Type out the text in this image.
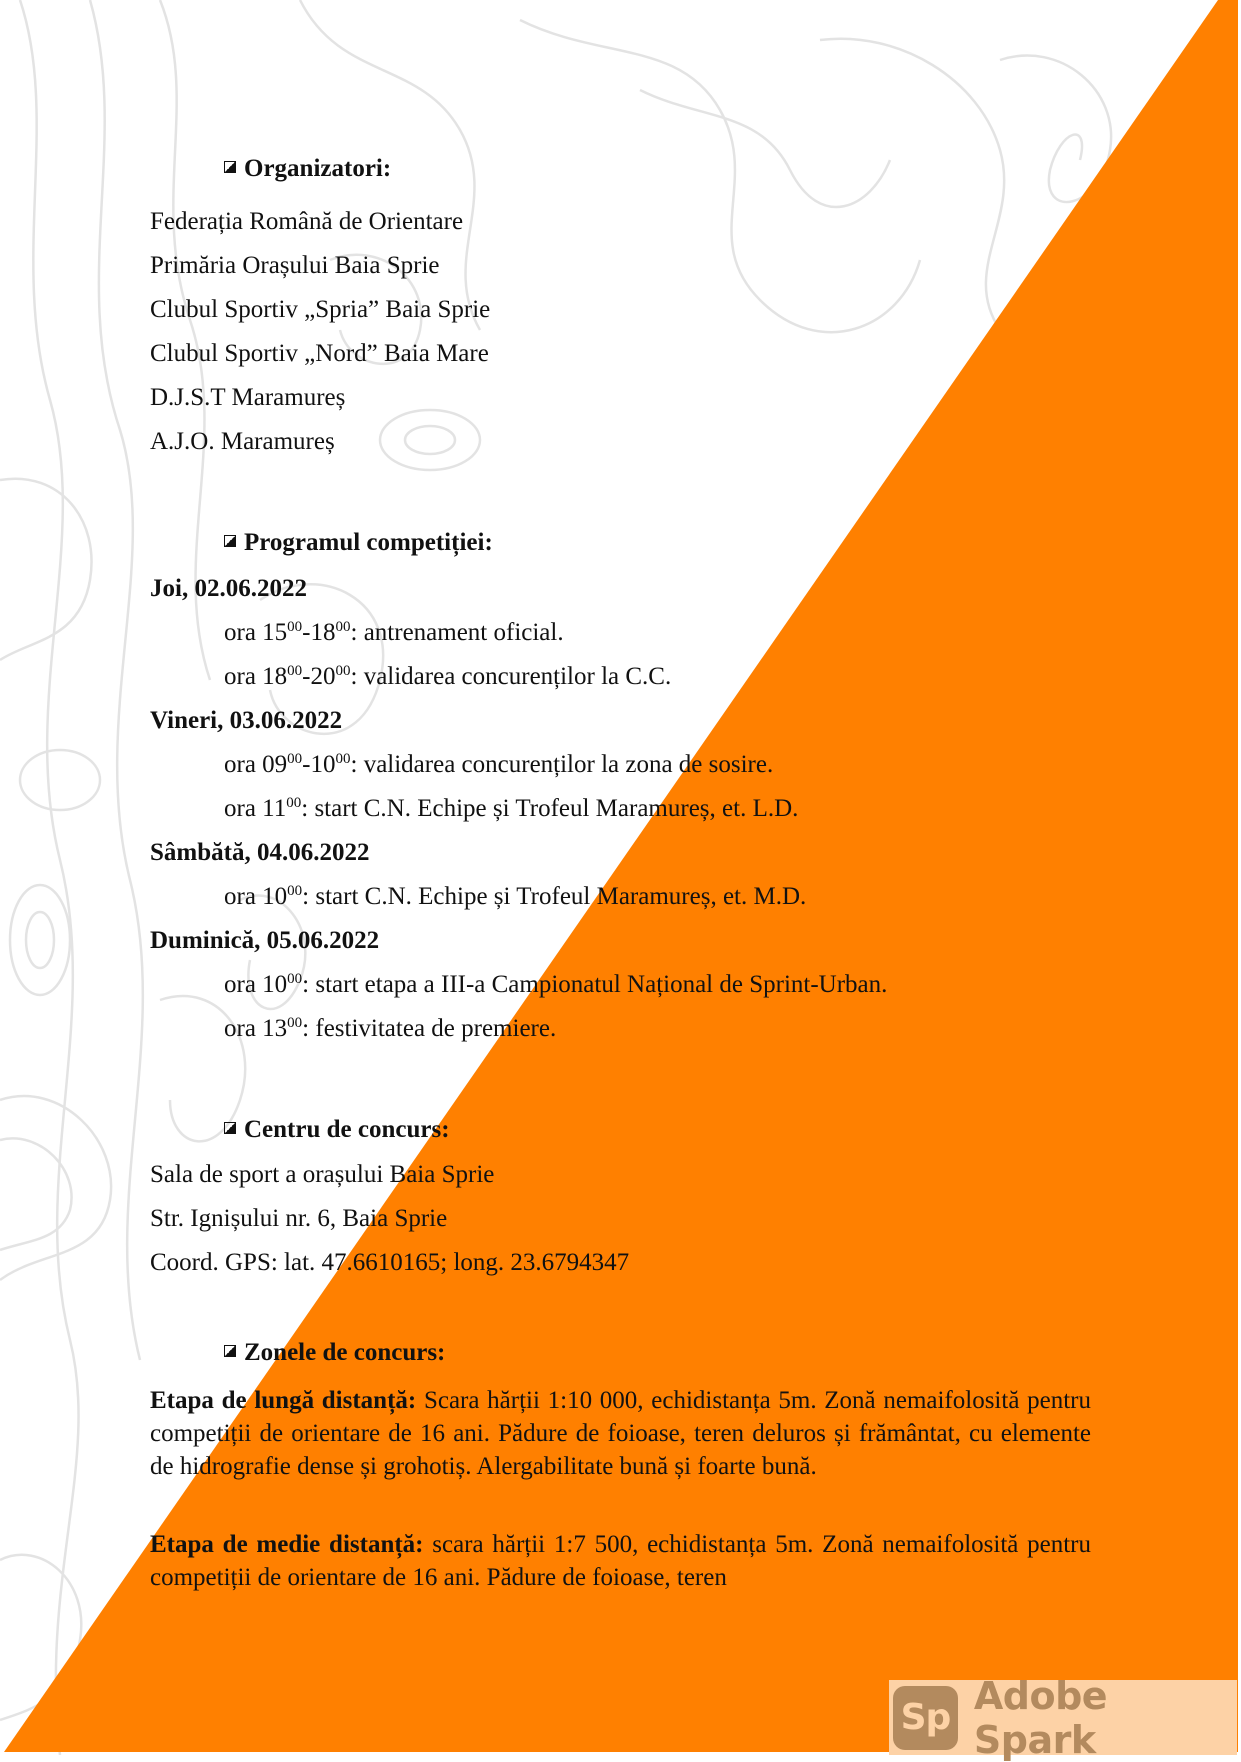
Organizatori:
Federația Română de Orientare
Primăria Orașului Baia Sprie
Clubul Sportiv „Spria” Baia Sprie
Clubul Sportiv „Nord” Baia Mare
D.J.S.T Maramureș
A.J.O. Maramureș
Programul competiției:
Joi, 02.06.2022
ora $15^{00}-18^{00}$: antrenament oficial.
ora $18^{00}-20^{00}$: validarea concurenților la C.C.
Vineri, 03.06.2022
ora $09^{00}-10^{00}$: validarea concurenților la zona de sosire.
ora $11^{00}$: start C.N. Echipe și Trofeul Maramureș, et. L.D.
Sâmbătă, 04.06.2022
ora $10^{00}$: start C.N. Echipe și Trofeul Maramureș, et. M.D.
Duminică, 05.06.2022
ora $10^{00}$: start etapa a III-a Campionatul Național de Sprint-Urban.
ora $13^{00}$: festivitatea de premiere.
Centru de concurs:
Sala de sport a orașului Baia Sprie
Str. Ignișului nr. 6, Baia Sprie
Coord. GPS: lat. 47.6610165; long. 23.6794347
Zonele de concurs:
Etapa de lungă distanță: Scara hărții 1:10 000, echidistanța 5m. Zonă nemaifolosită pentru competiții de orientare de 16 ani. Pădure de foioase, teren deluros și frământat, cu elemente de hidrografie dense și grohotiș. Alergabilitate bună și foarte bună.
Etapa de medie distanță: scara hărții 1:7 500, echidistanța 5m. Zonă nemaifolosită pentru competiții de orientare de 16 ani. Pădure de foioase, teren
Sp Adobe Spark
